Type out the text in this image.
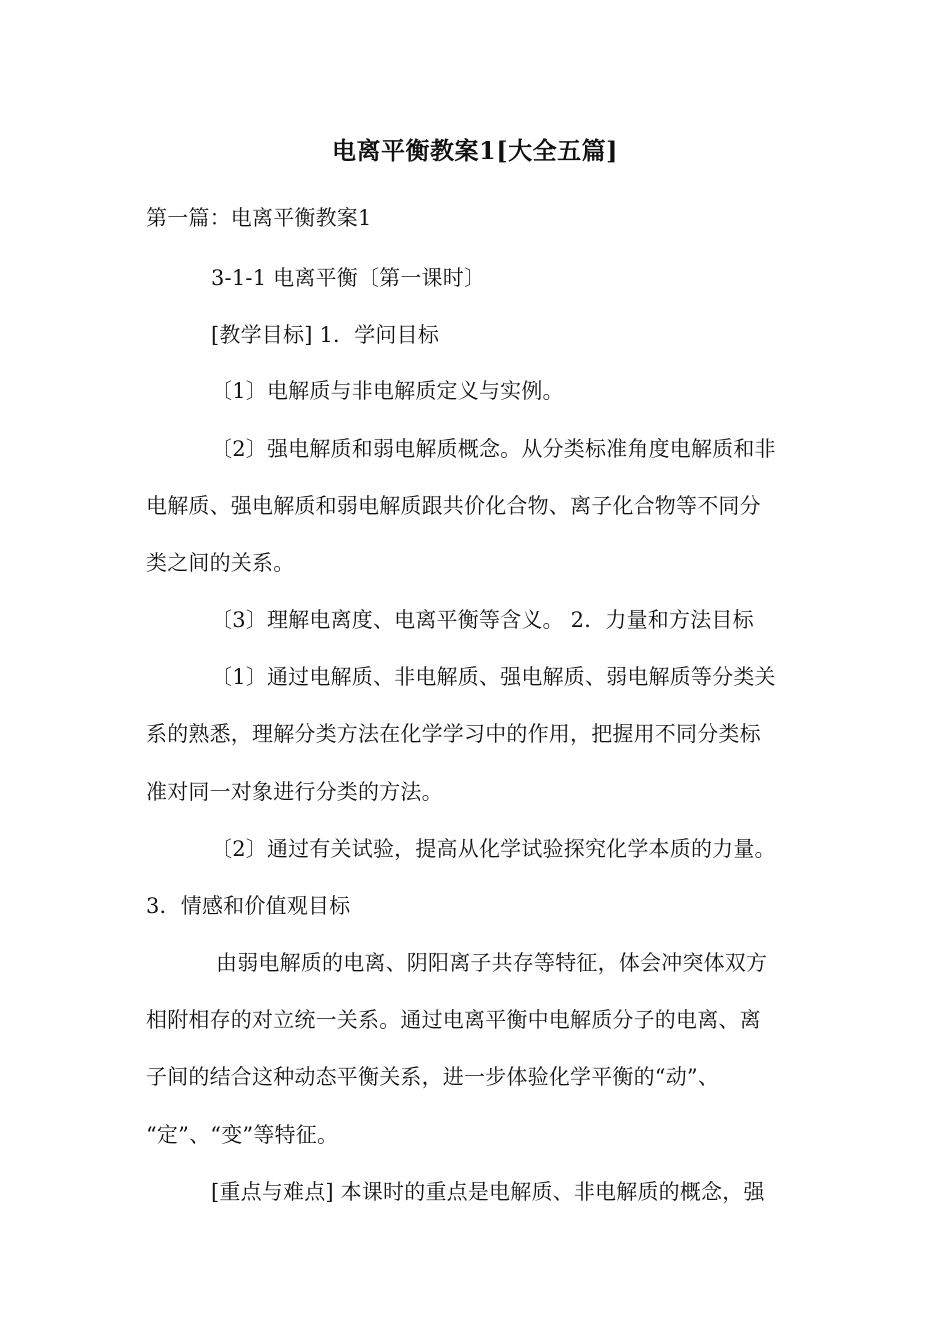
电离平衡教案1[大全五篇]
第一篇：电离平衡教案1
3-1-1 电离平衡〔第一课时〕
[教学目标] 1．学问目标
〔1〕电解质与非电解质定义与实例。
〔2〕强电解质和弱电解质概念。从分类标准角度电解质和非
电解质、强电解质和弱电解质跟共价化合物、离子化合物等不同分
类之间的关系。
〔3〕理解电离度、电离平衡等含义。 2．力量和方法目标
〔1〕通过电解质、非电解质、强电解质、弱电解质等分类关
系的熟悉，理解分类方法在化学学习中的作用，把握用不同分类标
准对同一对象进行分类的方法。
〔2〕通过有关试验，提高从化学试验探究化学本质的力量。
3．情感和价值观目标
由弱电解质的电离、阴阳离子共存等特征，体会冲突体双方
相附相存的对立统一关系。通过电离平衡中电解质分子的电离、离
子间的结合这种动态平衡关系，进一步体验化学平衡的“动”、
“定”、“变”等特征。
[重点与难点] 本课时的重点是电解质、非电解质的概念，强
